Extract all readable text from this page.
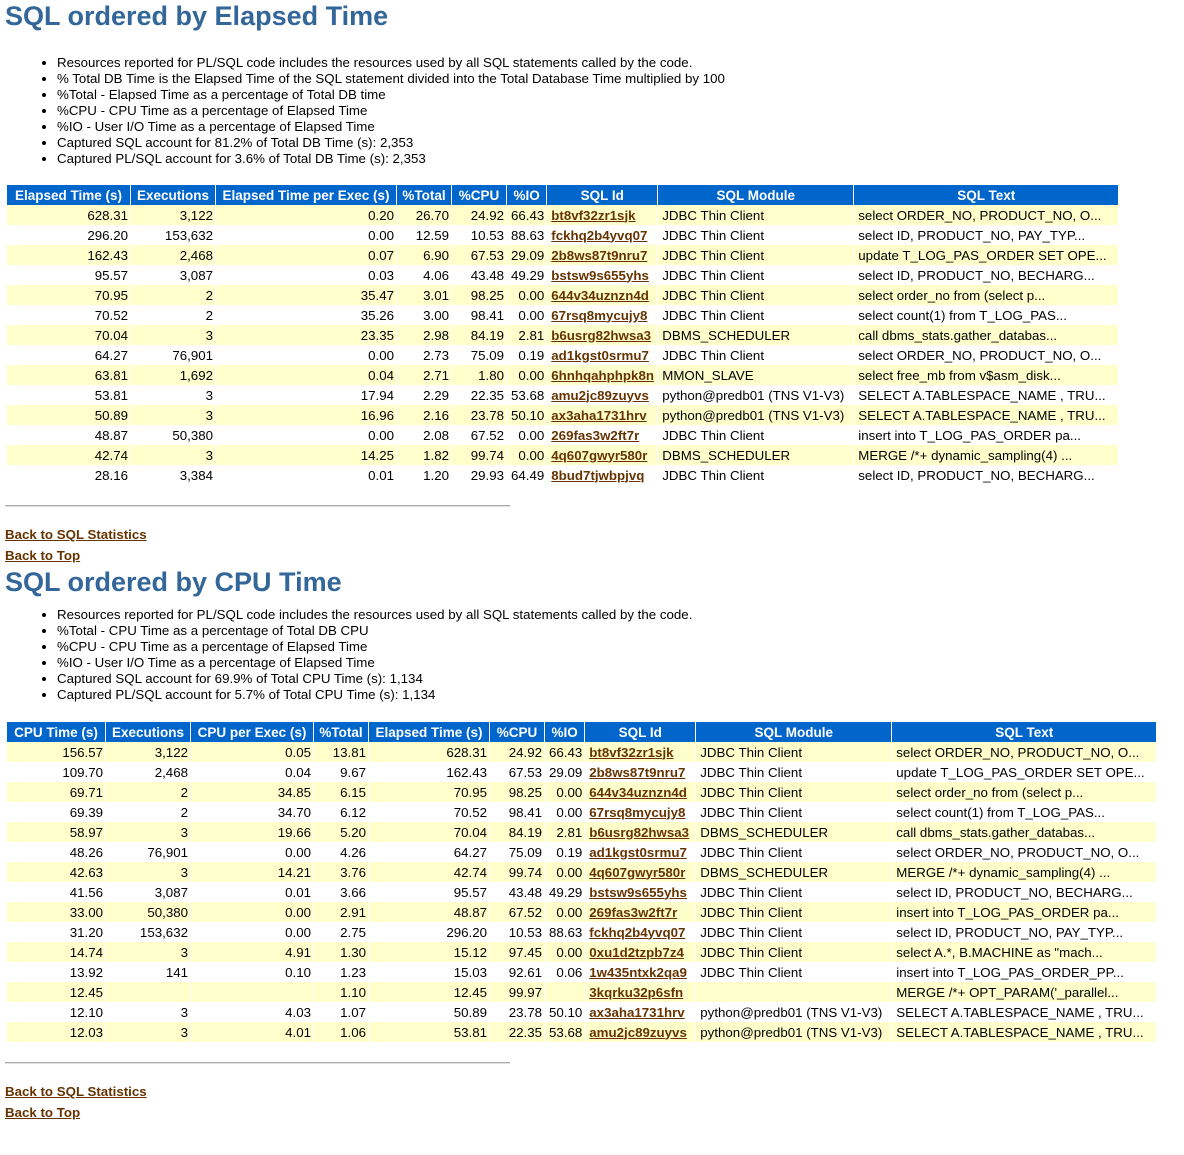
SQL ordered by Elapsed Time
• Resources reported for PL/SQL code includes the resources used by all SQL statements called by the code.
• % Total DB Time is the Elapsed Time of the SQL statement divided into the Total Database Time multiplied by 100
• %Total - Elapsed Time as a percentage of Total DB time
• %CPU - CPU Time as a percentage of Elapsed Time
• %IO - User I/O Time as a percentage of Elapsed Time
• Captured SQL account for 81.2% of Total DB Time (s): 2,353
• Captured PL/SQL account for 3.6% of Total DB Time (s): 2,353
Elapsed Time (s)	Executions	Elapsed Time per Exec (s)	%Total	%CPU	%IO	SQL Id	SQL Module	SQL Text
628.31	3,122	0.20	26.70	24.92	66.43	bt8vf32zr1sjk	JDBC Thin Client	select ORDER_NO, PRODUCT_NO, O...
296.20	153,632	0.00	12.59	10.53	88.63	fckhq2b4yvq07	JDBC Thin Client	select ID, PRODUCT_NO, PAY_TYP...
162.43	2,468	0.07	6.90	67.53	29.09	2b8ws87t9nru7	JDBC Thin Client	update T_LOG_PAS_ORDER SET OPE...
95.57	3,087	0.03	4.06	43.48	49.29	bstsw9s655yhs	JDBC Thin Client	select ID, PRODUCT_NO, BECHARG...
70.95	2	35.47	3.01	98.25	0.00	644v34uznzn4d	JDBC Thin Client	select order_no from (select p...
70.52	2	35.26	3.00	98.41	0.00	67rsq8mycujy8	JDBC Thin Client	select count(1) from T_LOG_PAS...
70.04	3	23.35	2.98	84.19	2.81	b6usrg82hwsa3	DBMS_SCHEDULER	call dbms_stats.gather_databas...
64.27	76,901	0.00	2.73	75.09	0.19	ad1kgst0srmu7	JDBC Thin Client	select ORDER_NO, PRODUCT_NO, O...
63.81	1,692	0.04	2.71	1.80	0.00	6hnhqahphpk8n	MMON_SLAVE	select free_mb from v$asm_disk...
53.81	3	17.94	2.29	22.35	53.68	amu2jc89zuyvs	python@predb01 (TNS V1-V3)	SELECT A.TABLESPACE_NAME , TRU...
50.89	3	16.96	2.16	23.78	50.10	ax3aha1731hrv	python@predb01 (TNS V1-V3)	SELECT A.TABLESPACE_NAME , TRU...
48.87	50,380	0.00	2.08	67.52	0.00	269fas3w2ft7r	JDBC Thin Client	insert into T_LOG_PAS_ORDER pa...
42.74	3	14.25	1.82	99.74	0.00	4q607gwyr580r	DBMS_SCHEDULER	MERGE /*+ dynamic_sampling(4) ...
28.16	3,384	0.01	1.20	29.93	64.49	8bud7tjwbpjvq	JDBC Thin Client	select ID, PRODUCT_NO, BECHARG...
Back to SQL Statistics
Back to Top
SQL ordered by CPU Time
• Resources reported for PL/SQL code includes the resources used by all SQL statements called by the code.
• %Total - CPU Time as a percentage of Total DB CPU
• %CPU - CPU Time as a percentage of Elapsed Time
• %IO - User I/O Time as a percentage of Elapsed Time
• Captured SQL account for 69.9% of Total CPU Time (s): 1,134
• Captured PL/SQL account for 5.7% of Total CPU Time (s): 1,134
CPU Time (s)	Executions	CPU per Exec (s)	%Total	Elapsed Time (s)	%CPU	%IO	SQL Id	SQL Module	SQL Text
156.57	3,122	0.05	13.81	628.31	24.92	66.43	bt8vf32zr1sjk	JDBC Thin Client	select ORDER_NO, PRODUCT_NO, O...
109.70	2,468	0.04	9.67	162.43	67.53	29.09	2b8ws87t9nru7	JDBC Thin Client	update T_LOG_PAS_ORDER SET OPE...
69.71	2	34.85	6.15	70.95	98.25	0.00	644v34uznzn4d	JDBC Thin Client	select order_no from (select p...
69.39	2	34.70	6.12	70.52	98.41	0.00	67rsq8mycujy8	JDBC Thin Client	select count(1) from T_LOG_PAS...
58.97	3	19.66	5.20	70.04	84.19	2.81	b6usrg82hwsa3	DBMS_SCHEDULER	call dbms_stats.gather_databas...
48.26	76,901	0.00	4.26	64.27	75.09	0.19	ad1kgst0srmu7	JDBC Thin Client	select ORDER_NO, PRODUCT_NO, O...
42.63	3	14.21	3.76	42.74	99.74	0.00	4q607gwyr580r	DBMS_SCHEDULER	MERGE /*+ dynamic_sampling(4) ...
41.56	3,087	0.01	3.66	95.57	43.48	49.29	bstsw9s655yhs	JDBC Thin Client	select ID, PRODUCT_NO, BECHARG...
33.00	50,380	0.00	2.91	48.87	67.52	0.00	269fas3w2ft7r	JDBC Thin Client	insert into T_LOG_PAS_ORDER pa...
31.20	153,632	0.00	2.75	296.20	10.53	88.63	fckhq2b4yvq07	JDBC Thin Client	select ID, PRODUCT_NO, PAY_TYP...
14.74	3	4.91	1.30	15.12	97.45	0.00	0xu1d2tzpb7z4	JDBC Thin Client	select A.*, B.MACHINE as "mach...
13.92	141	0.10	1.23	15.03	92.61	0.06	1w435ntxk2qa9	JDBC Thin Client	insert into T_LOG_PAS_ORDER_PP...
12.45			1.10	12.45	99.97		3kqrku32p6sfn		MERGE /*+ OPT_PARAM('_parallel...
12.10	3	4.03	1.07	50.89	23.78	50.10	ax3aha1731hrv	python@predb01 (TNS V1-V3)	SELECT A.TABLESPACE_NAME , TRU...
12.03	3	4.01	1.06	53.81	22.35	53.68	amu2jc89zuyvs	python@predb01 (TNS V1-V3)	SELECT A.TABLESPACE_NAME , TRU...
Back to SQL Statistics
Back to Top
